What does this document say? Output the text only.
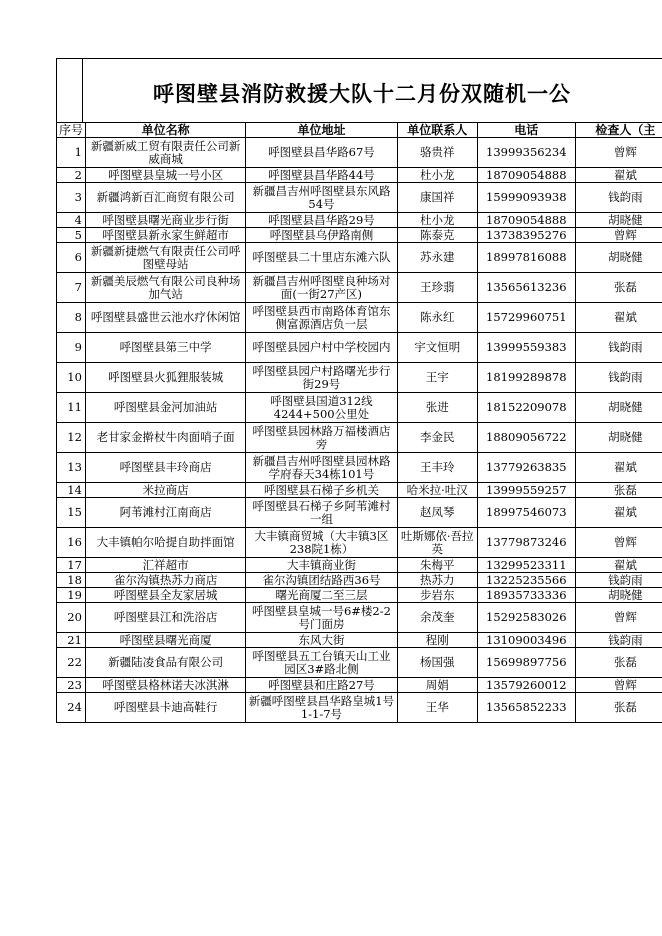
呼图壁县消防救援大队十二月份双随机一公
序号	单位名称	单位地址	单位联系人	电话	检查人（主
1	新疆新威工贸有限责任公司新威商城	呼图壁县昌华路67号	骆贵祥	13999356234	曾辉
2	呼图壁县皇城一号小区	呼图壁县昌华路44号	杜小龙	18709054888	翟斌
3	新疆鸿新百汇商贸有限公司	新疆昌吉州呼图壁县东风路54号	康国祥	15999093938	钱韵雨
4	呼图壁县曙光商业步行街	呼图壁县昌华路29号	杜小龙	18709054888	胡晓健
5	呼图壁县新永家生鲜超市	呼图壁县乌伊路南侧	陈泰克	13738395276	曾辉
6	新疆新捷燃气有限责任公司呼图壁母站	呼图壁县二十里店东滩六队	苏永建	18997816088	胡晓健
7	新疆美辰燃气有限公司良种场加气站	新疆昌吉州呼图壁良种场对面(一街27产区)	王珍翡	13565613236	张磊
8	呼图壁县盛世云池水疗休闲馆	呼图壁县西市南路体育馆东侧富源酒店负一层	陈永红	15729960751	翟斌
9	呼图壁县第三中学	呼图壁县园户村中学校园内	宇文恒明	13999559383	钱韵雨
10	呼图壁县火狐狸服装城	呼图壁县园户村路曙光步行街29号	王宇	18199289878	钱韵雨
11	呼图壁县金河加油站	呼图壁县国道312线4244+500公里处	张进	18152209078	胡晓健
12	老甘家金擀杖牛肉面哨子面	呼图壁县园林路万福楼酒店旁	李金民	18809056722	胡晓健
13	呼图壁县丰玲商店	新疆昌吉州呼图壁县园林路学府春天34栋101号	王丰玲	13779263835	翟斌
14	米拉商店	呼图壁县石梯子乡机关	哈米拉·吐汉	13999559257	张磊
15	阿苇滩村江南商店	呼图壁县石梯子乡阿苇滩村一组	赵凤琴	18997546073	翟斌
16	大丰镇帕尔哈提自助拌面馆	大丰镇商贸城（大丰镇3区238院1栋）	吐斯娜依·吾拉英	13779873246	曾辉
17	汇祥超市	大丰镇商业街	朱梅平	13299523311	翟斌
18	雀尔沟镇热苏力商店	雀尔沟镇团结路西36号	热苏力	13225235566	钱韵雨
19	呼图壁县全友家居城	曙光商厦二至三层	步岩东	18935733336	胡晓健
20	呼图壁县江和洗浴店	呼图壁县皇城一号6#楼2-2号门面房	余茂奎	15292583026	曾辉
21	呼图壁县曙光商厦	东风大街	程刚	13109003496	钱韵雨
22	新疆陆凌食品有限公司	呼图壁县五工台镇天山工业园区3#路北侧	杨国强	15699897756	张磊
23	呼图壁县格林诺夫冰淇淋	呼图壁县和庄路27号	周娟	13579260012	曾辉
24	呼图壁县卡迪高鞋行	新疆呼图壁县昌华路皇城1号1-1-7号	王华	13565852233	张磊
